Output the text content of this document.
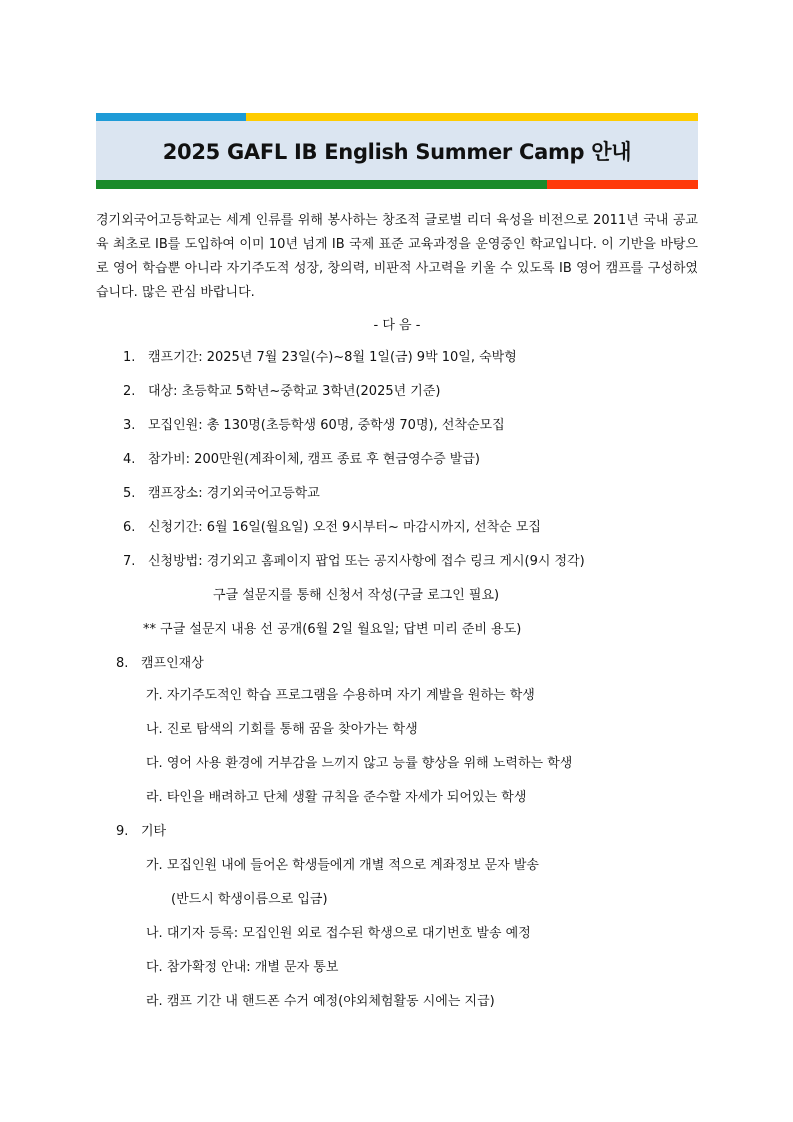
2025 GAFL IB English Summer Camp 안내

경기외국어고등학교는 세계 인류를 위해 봉사하는 창조적 글로벌 리더 육성을 비전으로 2011년 국내 공교육 최초로 IB를 도입하여 이미 10년 넘게 IB 국제 표준 교육과정을 운영중인 학교입니다. 이 기반을 바탕으로 영어 학습뿐 아니라 자기주도적 성장, 창의력, 비판적 사고력을 키울 수 있도록 IB 영어 캠프를 구성하였습니다. 많은 관심 바랍니다.

- 다 음 -
1. 캠프기간: 2025년 7월 23일(수)~8월 1일(금) 9박 10일, 숙박형
2. 대상: 초등학교 5학년~중학교 3학년(2025년 기준)
3. 모집인원: 총 130명(초등학생 60명, 중학생 70명), 선착순모집
4. 참가비: 200만원(계좌이체, 캠프 종료 후 현금영수증 발급)
5. 캠프장소: 경기외국어고등학교
6. 신청기간: 6월 16일(월요일) 오전 9시부터~ 마감시까지, 선착순 모집
7. 신청방법: 경기외고 홈페이지 팝업 또는 공지사항에 접수 링크 게시(9시 정각)
구글 설문지를 통해 신청서 작성(구글 로그인 필요)
** 구글 설문지 내용 선 공개(6월 2일 월요일; 답변 미리 준비 용도)
8. 캠프인재상
가. 자기주도적인 학습 프로그램을 수용하며 자기 계발을 원하는 학생
나. 진로 탐색의 기회를 통해 꿈을 찾아가는 학생
다. 영어 사용 환경에 거부감을 느끼지 않고 능률 향상을 위해 노력하는 학생
라. 타인을 배려하고 단체 생활 규칙을 준수할 자세가 되어있는 학생
9. 기타
가. 모집인원 내에 들어온 학생들에게 개별 적으로 계좌정보 문자 발송
(반드시 학생이름으로 입금)
나. 대기자 등록: 모집인원 외로 접수된 학생으로 대기번호 발송 예정
다. 참가확정 안내: 개별 문자 통보
라. 캠프 기간 내 핸드폰 수거 예정(야외체험활동 시에는 지급)
